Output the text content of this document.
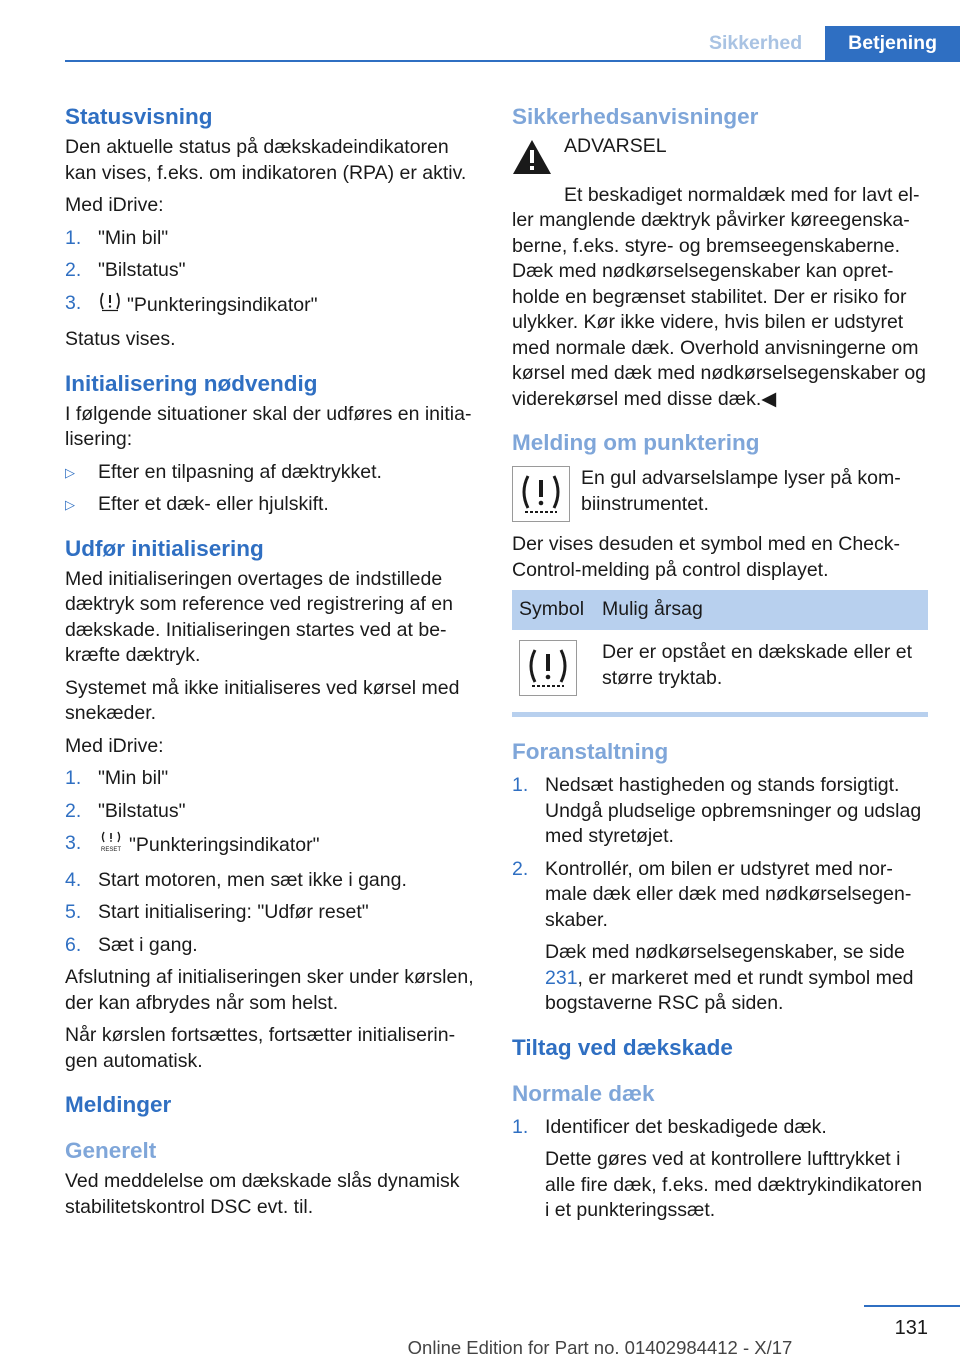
Sikkerhed	Betjening
Statusvisning
Den aktuelle status på dækskadeindikatoren kan vises, f.eks. om indikatoren (RPA) er aktiv.
Med iDrive:
1. "Min bil"
2. "Bilstatus"
3.	"Punkteringsindikator"
Status vises.
Initialisering nødvendig
I følgende situationer skal der udføres en initialisering:
▷	Efter en tilpasning af dæktrykket.
▷	Efter et dæk- eller hjulskift.
Udfør initialisering
Med initialiseringen overtages de indstillede dæktryk som reference ved registrering af en dækskade. Initialiseringen startes ved at bekræfte dæktryk.
Systemet må ikke initialiseres ved kørsel med snekæder.
Med iDrive:
1. "Min bil"
2. "Bilstatus"
3.	RESET "Punkteringsindikator"
4. Start motoren, men sæt ikke i gang.
5. Start initialisering: "Udfør reset"
6. Sæt i gang.
Afslutning af initialiseringen sker under kørslen, der kan afbrydes når som helst.
Når kørslen fortsættes, fortsætter initialiseringen automatisk.
Meldinger
Generelt
Ved meddelelse om dækskade slås dynamisk stabilitetskontrol DSC evt. til.
Sikkerhedsanvisninger
ADVARSEL
Et beskadiget normaldæk med for lavt eller manglende dæktryk påvirker køreegenskaberne, f.eks. styre- og bremseegenskaberne. Dæk med nødkørselsegenskaber kan opretholde en begrænset stabilitet. Der er risiko for ulykker. Kør ikke videre, hvis bilen er udstyret med normale dæk. Overhold anvisningerne om kørsel med dæk med nødkørselsegenskaber og viderekørsel med disse dæk.◀
Melding om punktering
En gul advarselslampe lyser på kombiinstrumentet.
Der vises desuden et symbol med en Check-Control-melding på control displayet.
Symbol	Mulig årsag

	Der er opstået en dækskade eller et større tryktab.
Foranstaltning
1. Nedsæt hastigheden og stands forsigtigt. Undgå pludselige opbremsninger og udslag med styretøjet.
2. Kontrollér, om bilen er udstyret med normale dæk eller dæk med nødkørselsegenskaber.
Dæk med nødkørselsegenskaber, se side 231, er markeret med et rundt symbol med bogstaverne RSC på siden.
Tiltag ved dækskade
Normale dæk
1. Identificer det beskadigede dæk.
Dette gøres ved at kontrollere lufttrykket i alle fire dæk, f.eks. med dæktrykindikatoren i et punkteringssæt.
131
Online Edition for Part no. 01402984412 - X/17
